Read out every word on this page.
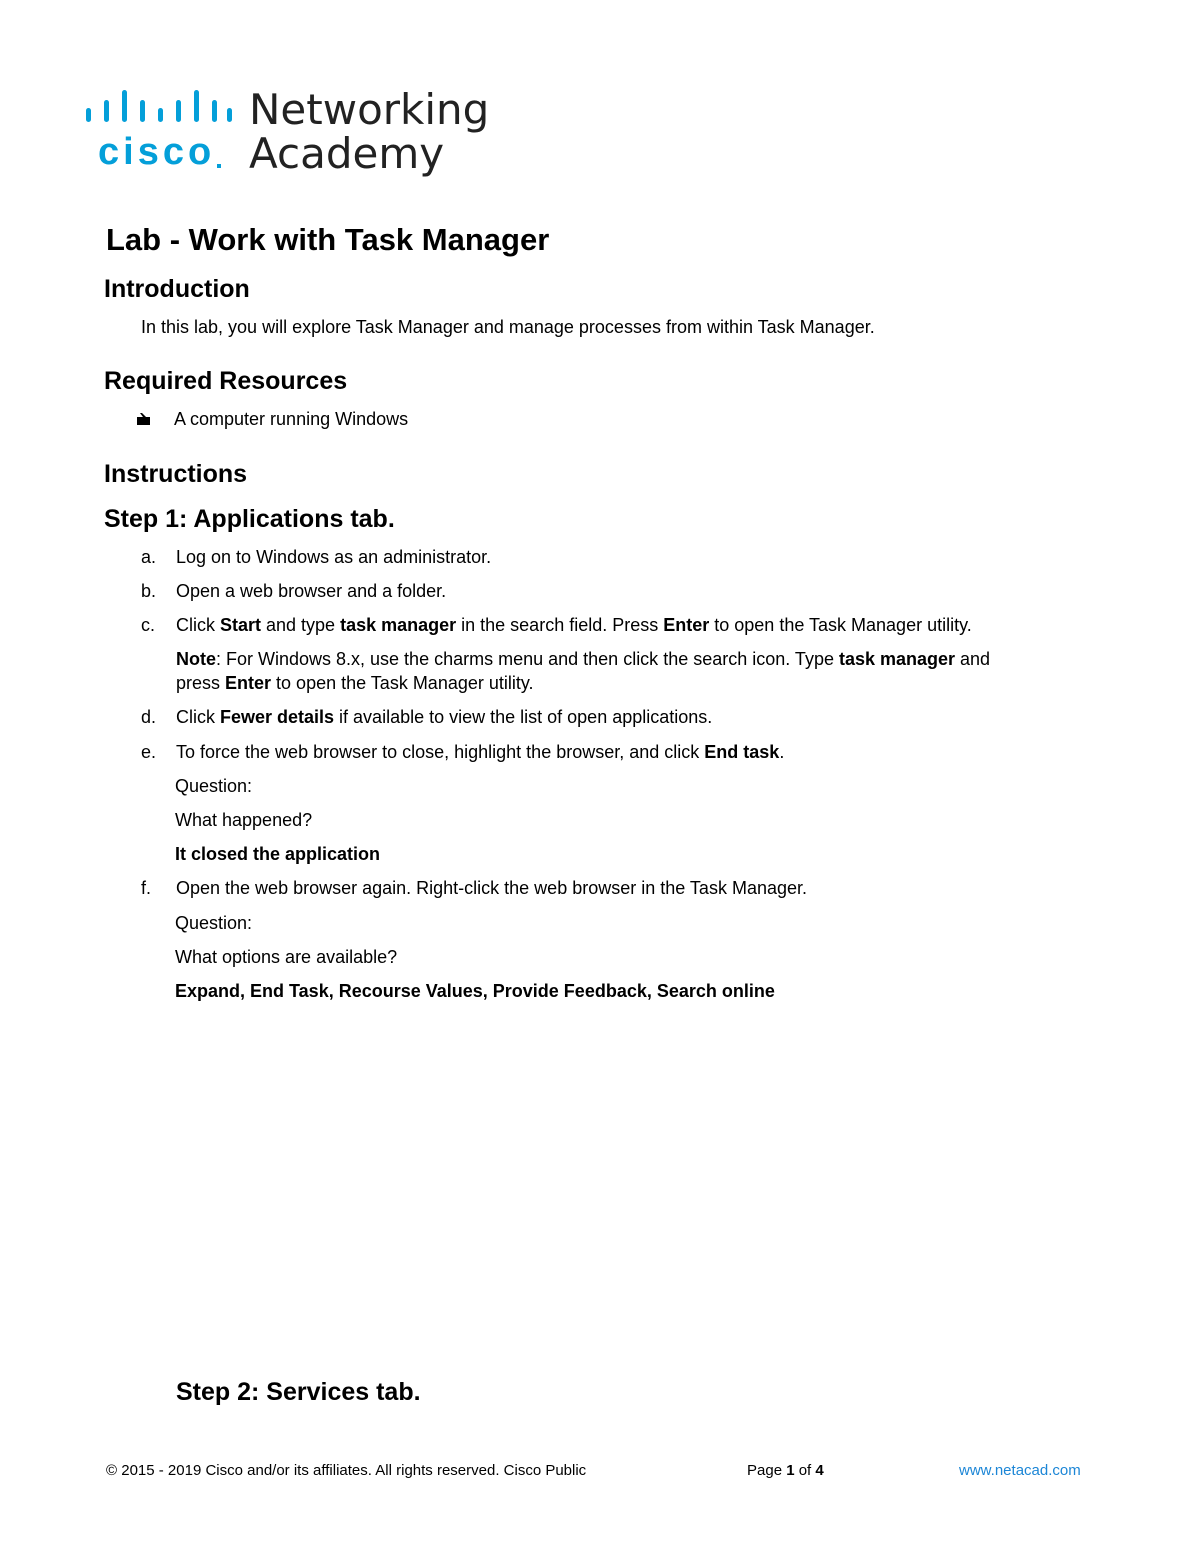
cisco
Networking
Academy
Lab - Work with Task Manager
Introduction
In this lab, you will explore Task Manager and manage processes from within Task Manager.
Required Resources
A computer running Windows
Instructions
Step 1: Applications tab.
a. Log on to Windows as an administrator.
b. Open a web browser and a folder.
c. Click Start and type task manager in the search field. Press Enter to open the Task Manager utility.
Note: For Windows 8.x, use the charms menu and then click the search icon. Type task manager and
press Enter to open the Task Manager utility.
d. Click Fewer details if available to view the list of open applications.
e. To force the web browser to close, highlight the browser, and click End task.
Question:
What happened?
It closed the application
f. Open the web browser again. Right-click the web browser in the Task Manager.
Question:
What options are available?
Expand, End Task, Recourse Values, Provide Feedback, Search online
Step 2: Services tab.
© 2015 - 2019 Cisco and/or its affiliates. All rights reserved. Cisco Public	Page 1 of 4	www.netacad.com
